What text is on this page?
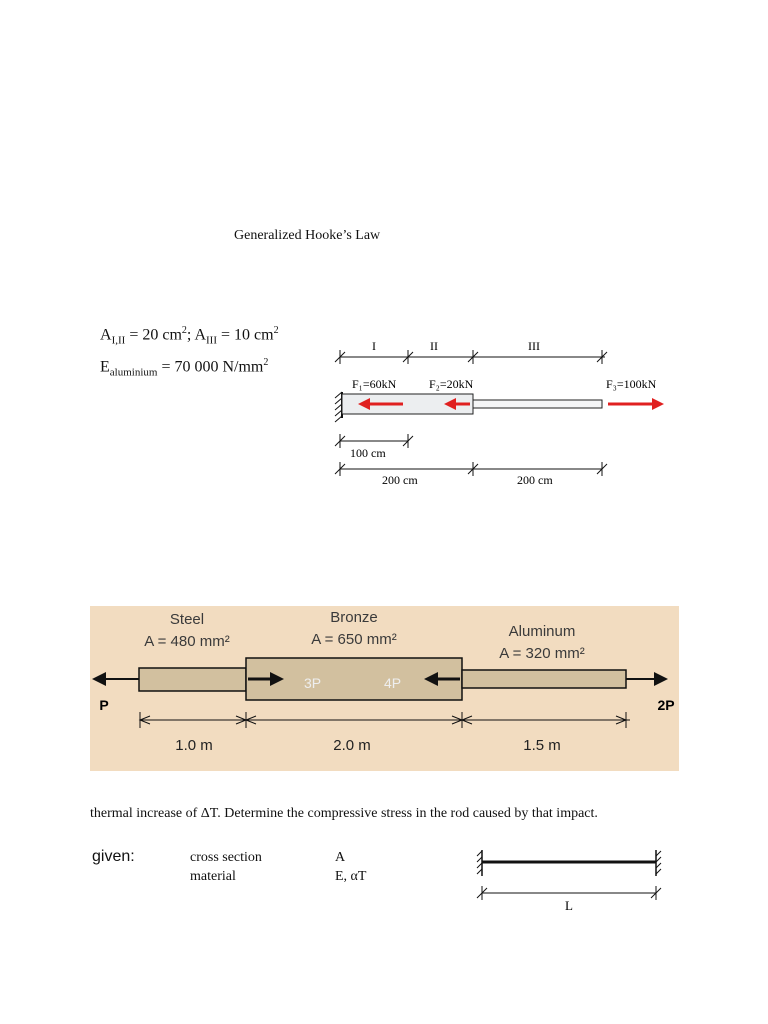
Generalized Hooke’s Law
$A_{I,II} = 20$ $cm^2$; $A_{III} = 10$ $cm^2$
$E_{aluminium} = 70$ 000 $N/mm^2$
I	II	III
F₁=60kN	F₂=20kN	F₃=100kN
100 cm
200 cm	200 cm
Steel
A = 480 mm²
Bronze
A = 650 mm²	Aluminum
A = 320 mm²
P
3P	4P
2P
1.0 m	2.0 m	1.5 m
thermal increase of ΔT. Determine the compressive stress in the rod caused by that impact.
given:	cross section	A
material	E, αT
L
